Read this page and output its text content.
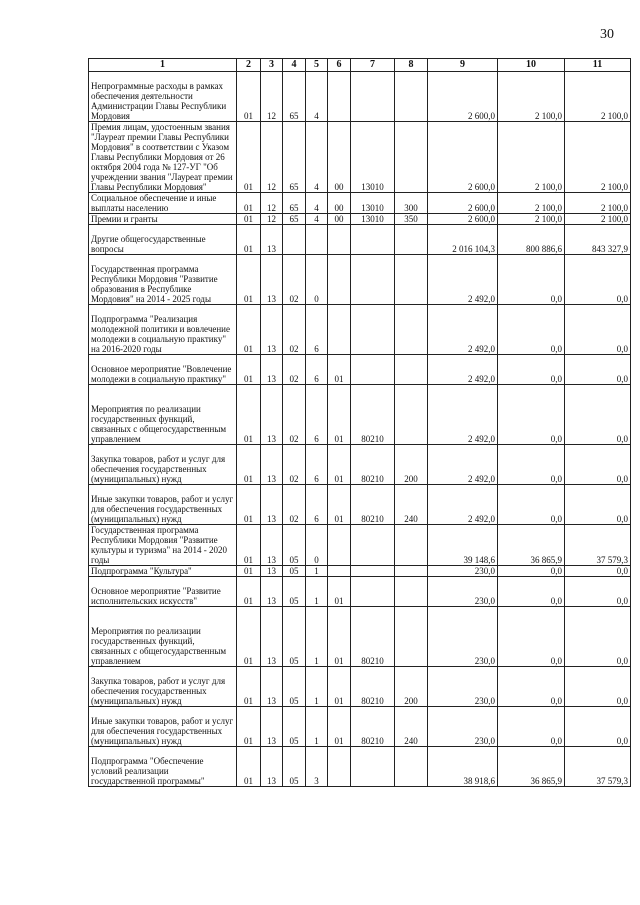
30
1	2	3	4	5	6	7	8	9	10	11
Непрограммные расходы в рамках обеспечения деятельности Администрации Главы Республики Мордовия	01	12	65	4				2 600,0	2 100,0	2 100,0
Премия лицам, удостоенным звания "Лауреат премии Главы Республики Мордовия" в соответствии с Указом Главы Республики Мордовия от 26 октября 2004 года № 127-УГ "Об учреждении звания "Лауреат премии Главы Республики Мордовия"	01	12	65	4	00	13010		2 600,0	2 100,0	2 100,0
Социальное обеспечение и иные выплаты населению	01	12	65	4	00	13010	300	2 600,0	2 100,0	2 100,0
Премии и гранты	01	12	65	4	00	13010	350	2 600,0	2 100,0	2 100,0
Другие общегосударственные вопросы	01	13						2 016 104,3	800 886,6	843 327,9
Государственная программа Республики Мордовия "Развитие образования в Республике Мордовия" на 2014 - 2025 годы	01	13	02	0				2 492,0	0,0	0,0
Подпрограмма "Реализация молодежной политики и вовлечение молодежи в социальную практику" на 2016-2020 годы	01	13	02	6				2 492,0	0,0	0,0
Основное мероприятие "Вовлечение молодежи в социальную практику"	01	13	02	6	01			2 492,0	0,0	0,0
Мероприятия по реализации государственных функций, связанных с общегосударственным управлением	01	13	02	6	01	80210		2 492,0	0,0	0,0
Закупка товаров, работ и услуг для обеспечения государственных (муниципальных) нужд	01	13	02	6	01	80210	200	2 492,0	0,0	0,0
Иные закупки товаров, работ и услуг для обеспечения государственных (муниципальных) нужд	01	13	02	6	01	80210	240	2 492,0	0,0	0,0
Государственная программа Республики Мордовия "Развитие культуры и туризма" на 2014 - 2020 годы	01	13	05	0				39 148,6	36 865,9	37 579,3
Подпрограмма "Культура"	01	13	05	1				230,0	0,0	0,0
Основное мероприятие "Развитие исполнительских искусств"	01	13	05	1	01			230,0	0,0	0,0
Мероприятия по реализации государственных функций, связанных с общегосударственным управлением	01	13	05	1	01	80210		230,0	0,0	0,0
Закупка товаров, работ и услуг для обеспечения государственных (муниципальных) нужд	01	13	05	1	01	80210	200	230,0	0,0	0,0
Иные закупки товаров, работ и услуг для обеспечения государственных (муниципальных) нужд	01	13	05	1	01	80210	240	230,0	0,0	0,0
Подпрограмма "Обеспечение условий реализации государственной программы"	01	13	05	3				38 918,6	36 865,9	37 579,3
